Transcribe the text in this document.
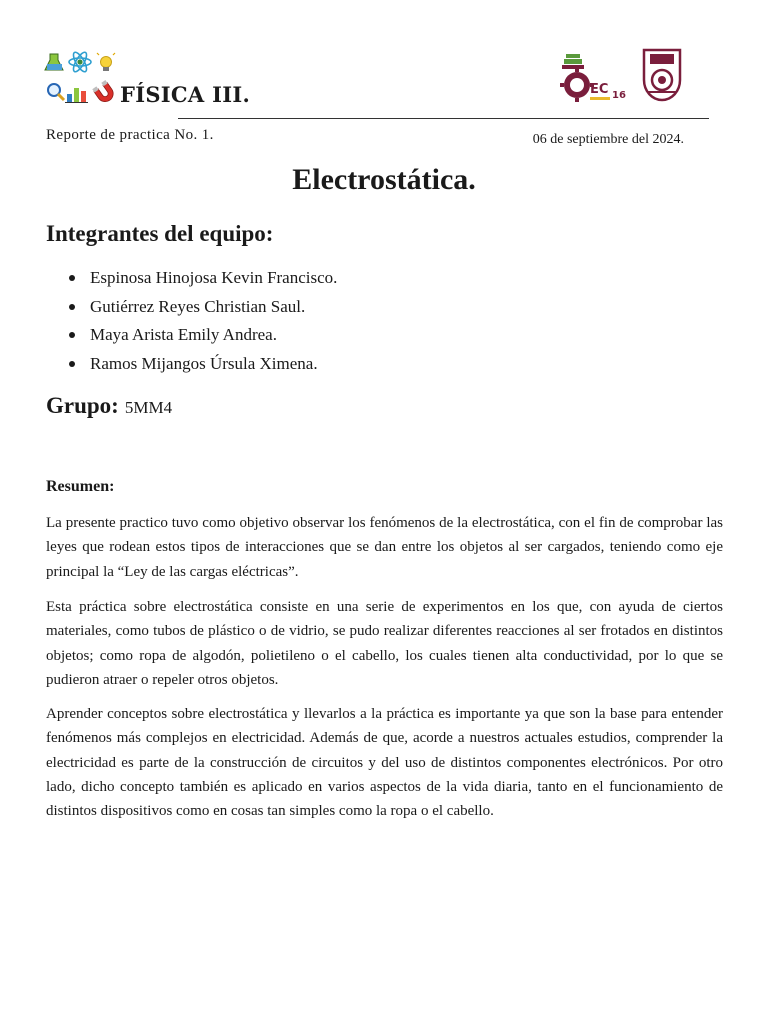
FÍSICA III.	EC 16
Reporte de practica No. 1.	06 de septiembre del 2024.
Electrostática.
Integrantes del equipo:
Espinosa Hinojosa Kevin Francisco.
Gutiérrez Reyes Christian Saul.
Maya Arista Emily Andrea.
Ramos Mijangos Úrsula Ximena.
Grupo: 5MM4
Resumen:

La presente practico tuvo como objetivo observar los fenómenos de la electrostática, con el fin de comprobar las leyes que rodean estos tipos de interacciones que se dan entre los objetos al ser cargados, teniendo como eje principal la “Ley de las cargas eléctricas”.

Esta práctica sobre electrostática consiste en una serie de experimentos en los que, con ayuda de ciertos materiales, como tubos de plástico o de vidrio, se pudo realizar diferentes reacciones al ser frotados en distintos objetos; como ropa de algodón, polietileno o el cabello, los cuales tienen alta conductividad, por lo que se pudieron atraer o repeler otros objetos.

Aprender conceptos sobre electrostática y llevarlos a la práctica es importante ya que son la base para entender fenómenos más complejos en electricidad. Además de que, acorde a nuestros actuales estudios, comprender la electricidad es parte de la construcción de circuitos y del uso de distintos componentes electrónicos. Por otro lado, dicho concepto también es aplicado en varios aspectos de la vida diaria, tanto en el funcionamiento de distintos dispositivos como en cosas tan simples como la ropa o el cabello.
